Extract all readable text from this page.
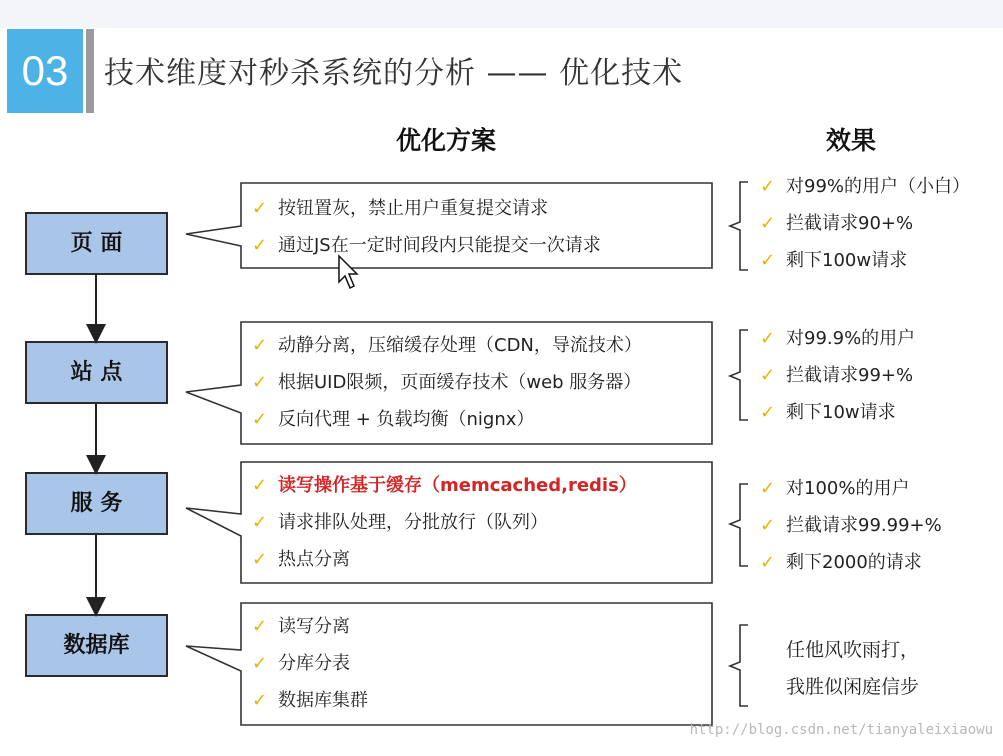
03	技术维度对秒杀系统的分析 —— 优化技术
优化方案	效果
页 面
站 点
服 务
数据库
✓ 按钮置灰，禁止用户重复提交请求
✓ 通过JS在一定时间段内只能提交一次请求
✓ 动静分离，压缩缓存处理（CDN，导流技术）
✓ 根据UID限频，页面缓存技术（web 服务器）
✓ 反向代理 + 负载均衡（nignx）
✓ 读写操作基于缓存（memcached,redis）
✓ 请求排队处理，分批放行（队列）
✓ 热点分离
✓ 读写分离
✓ 分库分表
✓ 数据库集群
✓ 对99%的用户（小白）
✓ 拦截请求90+%
✓ 剩下100w请求
✓ 对99.9%的用户
✓ 拦截请求99+%
✓ 剩下10w请求
✓ 对100%的用户
✓ 拦截请求99.99+%
✓ 剩下2000的请求
任他风吹雨打，
我胜似闲庭信步
http://blog.csdn.net/tianyaleixiaowu
